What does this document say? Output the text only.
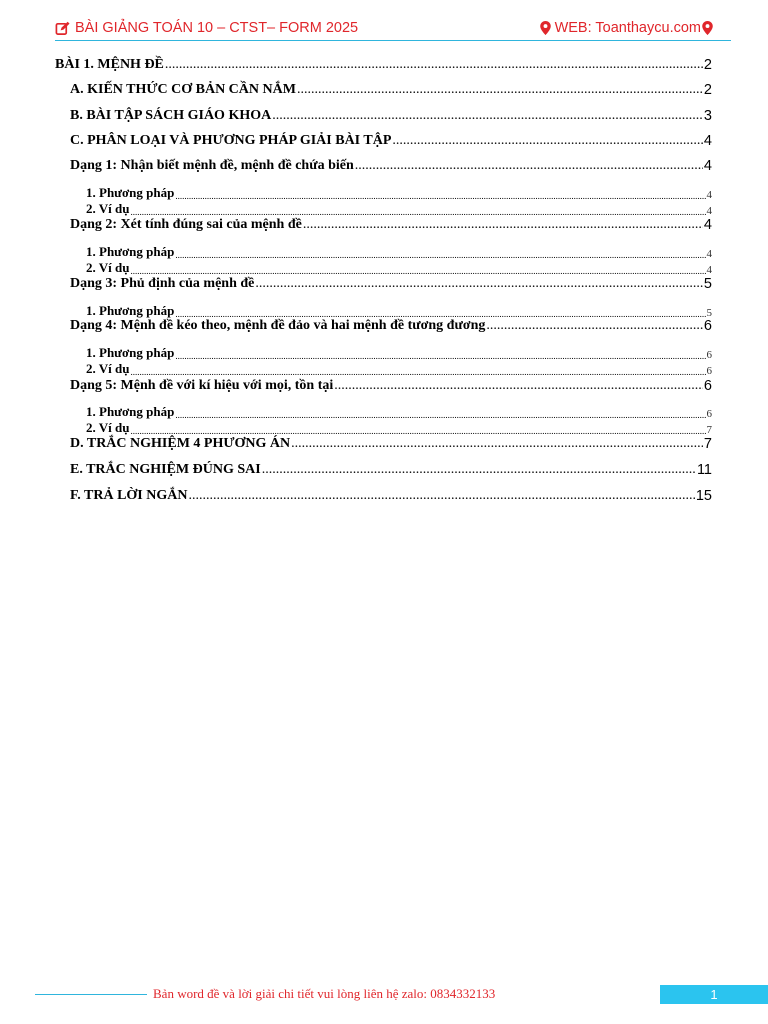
BÀI GIẢNG TOÁN 10 – CTST– FORM 2025	WEB: Toanthaycu.com
BÀI 1. MỆNH ĐỀ .....	2
A. KIẾN THỨC CƠ BẢN CẦN NẮM .....	2
B. BÀI TẬP SÁCH GIÁO KHOA .....	3
C. PHÂN LOẠI VÀ PHƯƠNG PHÁP GIẢI BÀI TẬP .....	4
Dạng 1: Nhận biết mệnh đề, mệnh đề chứa biến .....	4
1. Phương pháp .....	4
2. Ví dụ .....	4
Dạng 2: Xét tính đúng sai của mệnh đề .....	4
1. Phương pháp .....	4
2. Ví dụ .....	4
Dạng 3: Phủ định của mệnh đề .....	5
1. Phương pháp .....	5
Dạng 4: Mệnh đề kéo theo, mệnh đề đảo và hai mệnh đề tương đương .....	6
1. Phương pháp .....	6
2. Ví dụ .....	6
Dạng 5: Mệnh đề với kí hiệu với mọi, tồn tại .....	6
1. Phương pháp .....	6
2. Ví dụ .....	7
D. TRẮC NGHIỆM 4 PHƯƠNG ÁN .....	7
E. TRẮC NGHIỆM ĐÚNG SAI .....	11
F. TRẢ LỜI NGẮN .....	15
Bản word đề và lời giải chi tiết vui lòng liên hệ zalo: 0834332133	1
